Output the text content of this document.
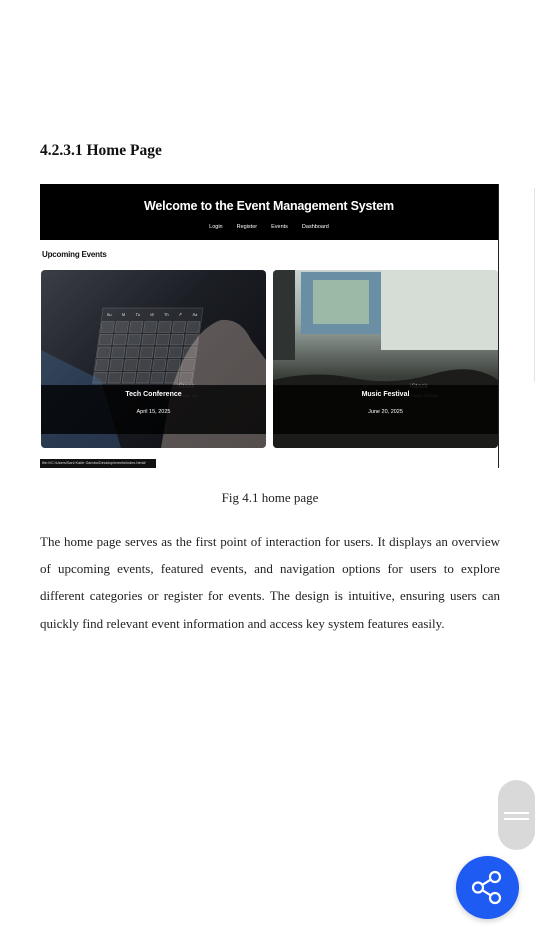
4.2.3.1 Home Page
Welcome to the Event Management System
Login	Register	Events	Dashboard
Upcoming Events
Su M Tu W Th	F Sa
Tech Conference
April 15, 2025
Music Festival
June 20, 2025
file:///C:/Users/Sani Kabir Gambo/Desktop/events/index.html#
Fig 4.1 home page
The home page serves as the first point of interaction for users. It displays an overview of upcoming events, featured events, and navigation options for users to explore different categories or register for events. The design is intuitive, ensuring users can quickly find relevant event information and access key system features easily.
